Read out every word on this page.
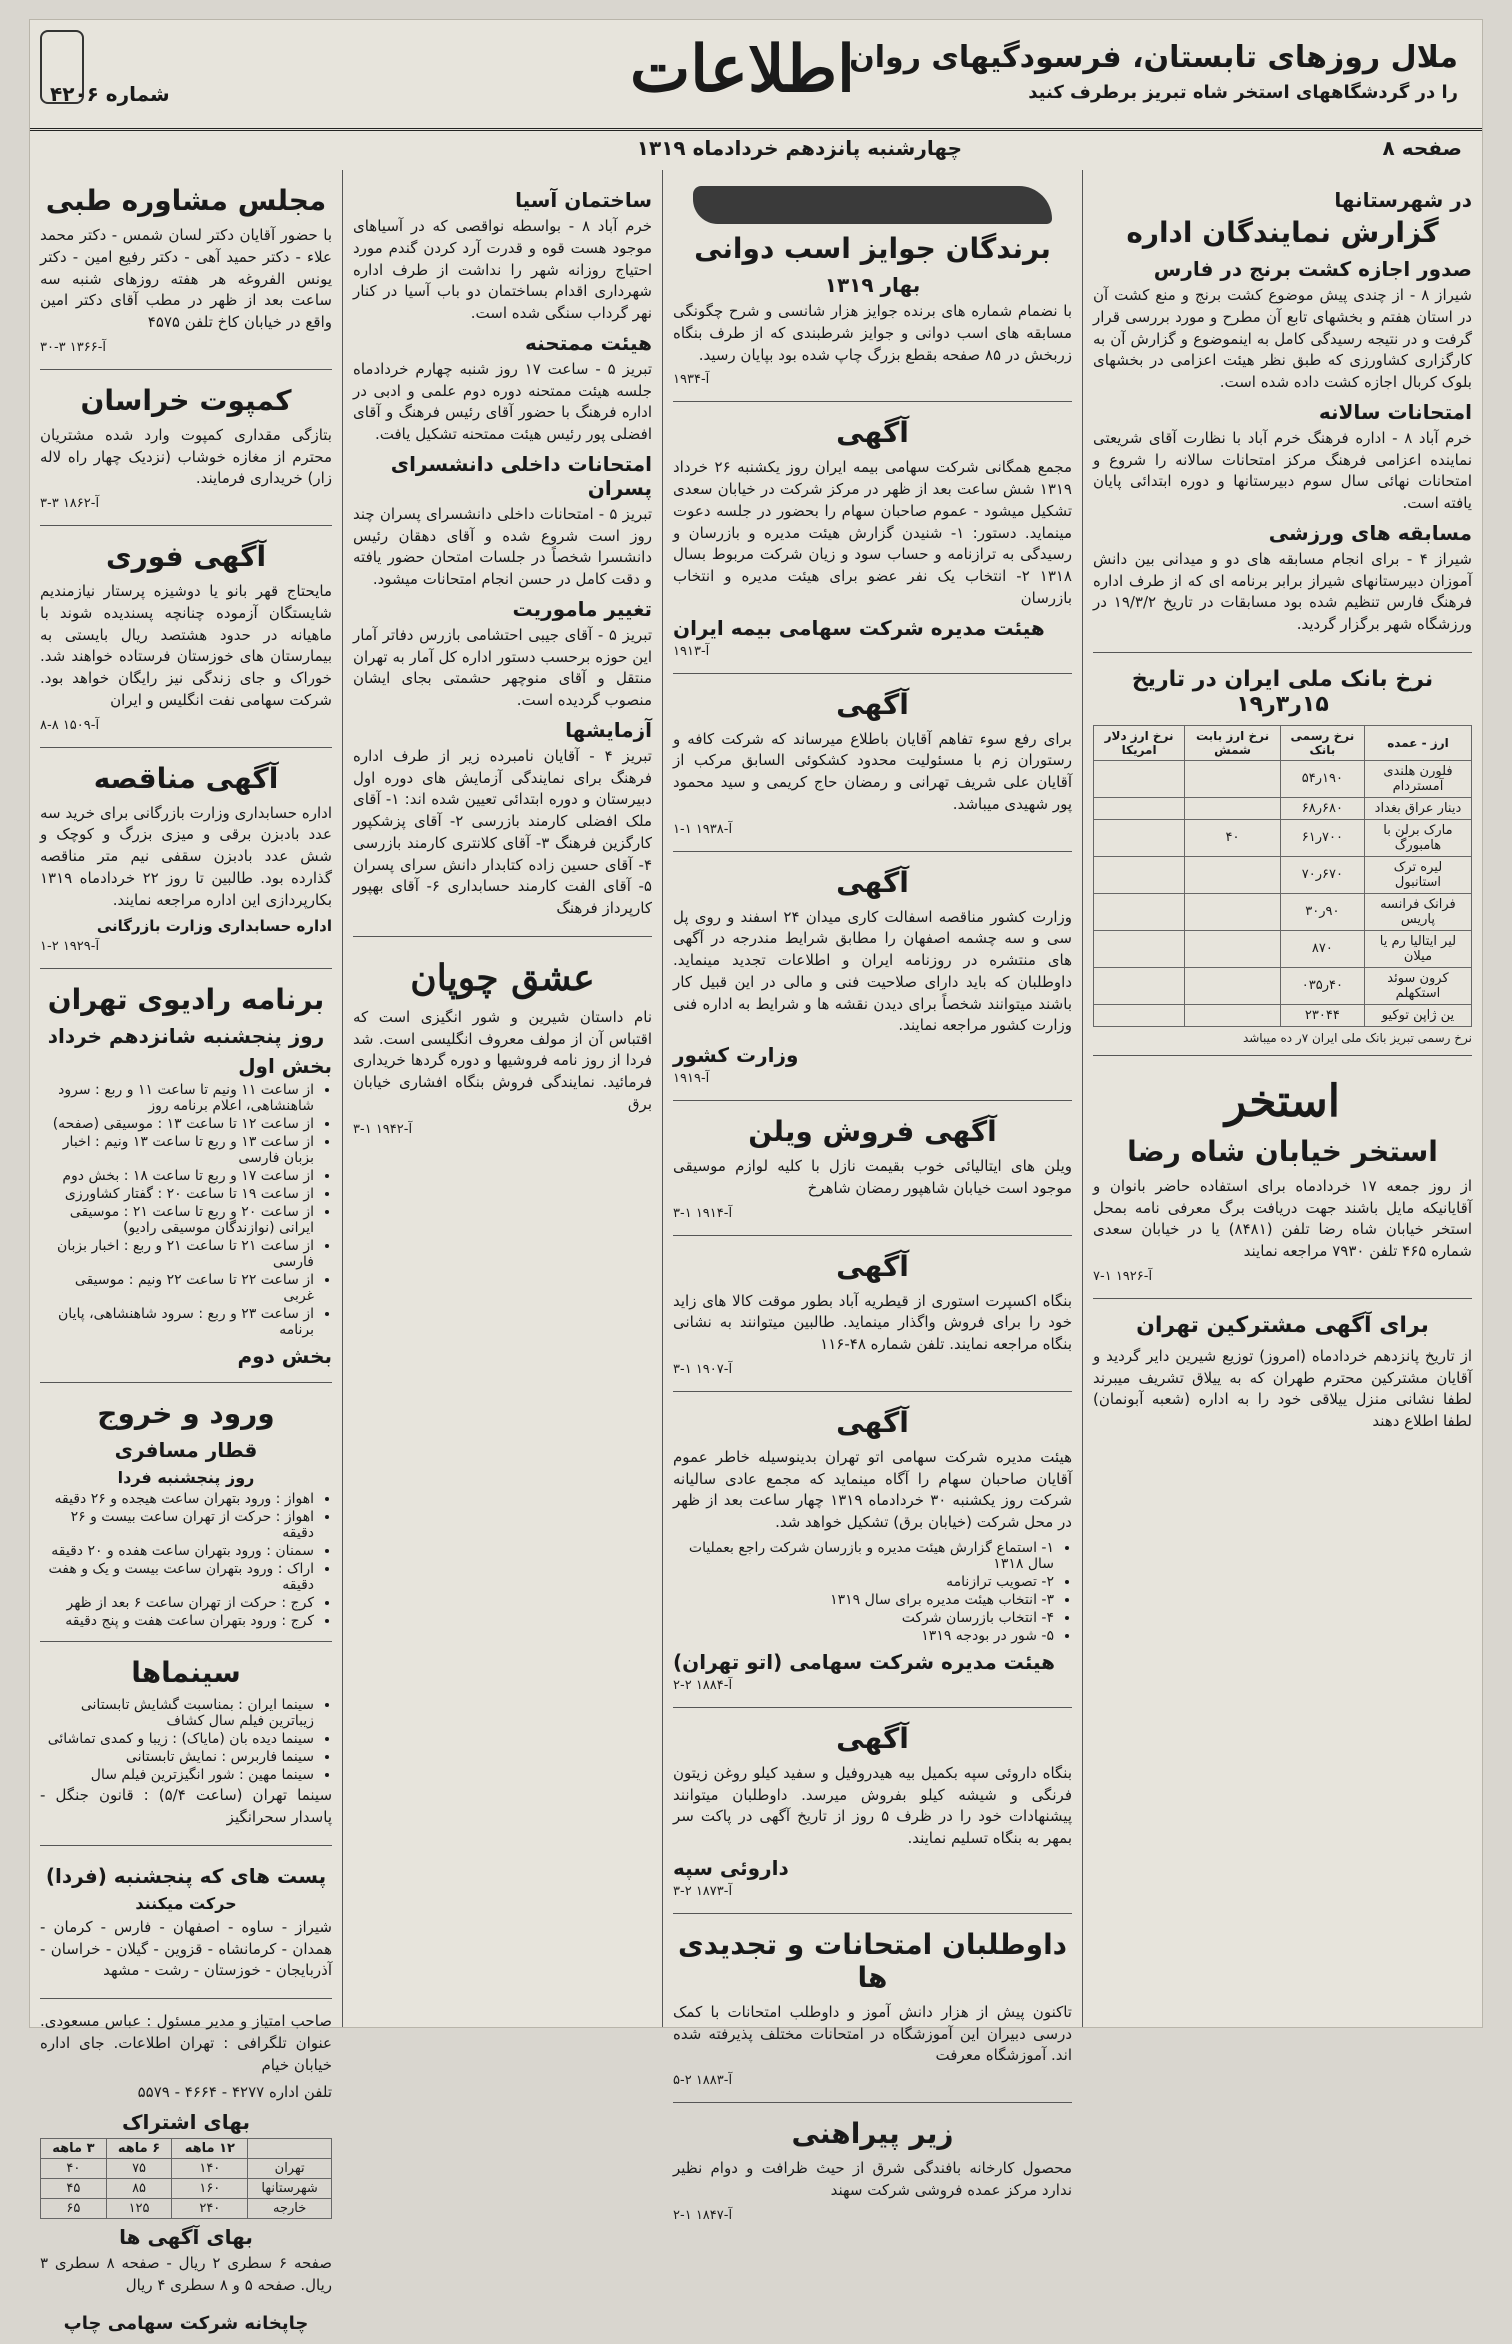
اطلاعات
ملال روزهای تابستان، فرسودگیهای روان
را در گردشگاههای استخر شاه تبریز برطرف کنید
شماره ۴۲۰۶
صفحه ۸
چهارشنبه پانزدهم خردادماه ۱۳۱۹
در شهرستانها
گزارش نمایندگان اداره
صدور اجازه کشت برنج در فارس

شیراز ۸ - از چندی پیش موضوع کشت برنج و منع کشت آن در استان هفتم و بخشهای تابع آن مطرح و مورد بررسی قرار گرفت و در نتیجه رسیدگی کامل به اینموضوع و گزارش آن به کارگزاری کشاورزی که طبق نظر هیئت اعزامی در بخشهای بلوک کربال اجازه کشت داده شده است.

امتحانات سالانه

خرم آباد ۸ - اداره فرهنگ خرم آباد با نظارت آقای شریعتی نماینده اعزامی فرهنگ مرکز امتحانات سالانه را شروع و امتحانات نهائی سال سوم دبیرستانها و دوره ابتدائی پایان یافته است.

مسابقه های ورزشی

شیراز ۴ - برای انجام مسابقه های دو و میدانی بین دانش آموزان دبیرستانهای شیراز برابر برنامه ای که از طرف اداره فرهنگ فارس تنظیم شده بود مسابقات در تاریخ ۱۹/۳/۲ در ورزشگاه شهر برگزار گردید.

نرخ بانک ملی ایران در تاریخ ۱۵ر۳ر۱۹
ارز - عمده	نرخ رسمی بانک	نرخ ارز بابت شمش	نرخ ارز دلار امریکا
فلورن هلندی آمستردام	۱۹۰ر۵۴		
دینار عراق بغداد	۶۸۰ر۶۸		
مارک برلن با هامبورگ	۷۰۰ر۶۱	۴۰	
لیره ترک استانبول	۶۷۰ر۷۰		
فرانک فرانسه پاریس	۹۰ر۳۰		
لیر ایتالیا رم یا میلان	۸۷۰		
کرون سوئد استکهلم	۴۰ر۰۳۵		
ین ژاپن توکیو	۲۳۰۴۴		
نرخ رسمی تبریز بانک ملی ایران ۷ر ده میباشد
استخر
استخر خیابان شاه رضا

از روز جمعه ۱۷ خردادماه برای استفاده حاضر بانوان و آقایانیکه مایل باشند جهت دریافت برگ معرفی نامه بمحل استخر خیابان شاه رضا تلفن (۸۴۸۱) یا در خیابان سعدی شماره ۴۶۵ تلفن ۷۹۳۰ مراجعه نمایند

آ-۱۹۲۶ ۱-۷
برای آگهی مشترکین تهران

از تاریخ پانزدهم خردادماه (امروز) توزیع شیرین دایر گردید و آقایان مشترکین محترم طهران که به ییلاق تشریف میبرند لطفا نشانی منزل ییلاقی خود را به اداره (شعبه آبونمان) لطفا اطلاع دهند

برندگان جوایز اسب دوانی
بهار ۱۳۱۹

با نضمام شماره های برنده جوایز هزار شانسی و شرح چگونگی مسابقه های اسب دوانی و جوایز شرطبندی که از طرف بنگاه زربخش در ۸۵ صفحه بقطع بزرگ چاپ شده بود بپایان رسید.

آ-۱۹۳۴
آگهی

مجمع همگانی شرکت سهامی بیمه ایران روز یکشنبه ۲۶ خرداد ۱۳۱۹ شش ساعت بعد از ظهر در مرکز شرکت در خیابان سعدی تشکیل میشود - عموم صاحبان سهام را بحضور در جلسه دعوت مینماید. دستور: ۱- شنیدن گزارش هیئت مدیره و بازرسان و رسیدگی به ترازنامه و حساب سود و زیان شرکت مربوط بسال ۱۳۱۸ ۲- انتخاب یک نفر عضو برای هیئت مدیره و انتخاب بازرسان

هیئت مدیره شرکت سهامی بیمه ایران
آ-۱۹۱۳
آگهی

برای رفع سوء تفاهم آقایان باطلاع میرساند که شرکت کافه و رستوران زم با مسئولیت محدود کشکوئی السابق مرکب از آقایان علی شریف تهرانی و رمضان حاج کریمی و سید محمود پور شهیدی میباشد.

آ-۱۹۳۸ ۱-۱
آگهی

وزارت کشور مناقصه اسفالت کاری میدان ۲۴ اسفند و روی پل سی و سه چشمه اصفهان را مطابق شرایط مندرجه در آگهی های منتشره در روزنامه ایران و اطلاعات تجدید مینماید. داوطلبان که باید دارای صلاحیت فنی و مالی در این قبیل کار باشند میتوانند شخصاً برای دیدن نقشه ها و شرایط به اداره فنی وزارت کشور مراجعه نمایند.

وزارت کشور
آ-۱۹۱۹
آگهی فروش ویلن

ویلن های ایتالیائی خوب بقیمت نازل با کلیه لوازم موسیقی موجود است خیابان شاهپور رمضان شاهرخ

آ-۱۹۱۴ ۱-۳
آگهی

بنگاه اکسپرت استوری از قیطریه آباد بطور موقت کالا های زاید خود را برای فروش واگذار مینماید. طالبین میتوانند به نشانی بنگاه مراجعه نمایند. تلفن شماره ۴۸-۱۱۶

آ-۱۹۰۷ ۱-۳
آگهی

هیئت مدیره شرکت سهامی اتو تهران بدینوسیله خاطر عموم آقایان صاحبان سهام را آگاه مینماید که مجمع عادی سالیانه شرکت روز یکشنبه ۳۰ خردادماه ۱۳۱۹ چهار ساعت بعد از ظهر در محل شرکت (خیابان برق) تشکیل خواهد شد.

• ۱- استماع گزارش هیئت مدیره و بازرسان شرکت راجع بعملیات سال ۱۳۱۸
• ۲- تصویب ترازنامه
• ۳- انتخاب هیئت مدیره برای سال ۱۳۱۹
• ۴- انتخاب بازرسان شرکت
• ۵- شور در بودجه ۱۳۱۹
هیئت مدیره شرکت سهامی (اتو تهران)
آ-۱۸۸۴ ۲-۲
آگهی

بنگاه داروئی سپه بکمیل بیه هیدروفیل و سفید کیلو روغن زیتون فرنگی و شیشه کیلو بفروش میرسد. داوطلبان میتوانند پیشنهادات خود را در ظرف ۵ روز از تاریخ آگهی در پاکت سر بمهر به بنگاه تسلیم نمایند.

داروئی سپه
آ-۱۸۷۳ ۲-۳
داوطلبان امتحانات و تجدیدی ها

تاکنون پیش از هزار دانش آموز و داوطلب امتحانات با کمک درسی دبیران این آموزشگاه در امتحانات مختلف پذیرفته شده اند. آموزشگاه معرفت

آ-۱۸۸۳ ۲-۵
زیر پیراهنی

محصول کارخانه بافندگی شرق از حیث ظرافت و دوام نظیر ندارد مرکز عمده فروشی شرکت سهند

آ-۱۸۴۷ ۱-۲
ساختمان آسیا

خرم آباد ۸ - بواسطه نواقصی که در آسیاهای موجود هست قوه و قدرت آرد کردن گندم مورد احتیاج روزانه شهر را نداشت از طرف اداره شهرداری اقدام بساختمان دو باب آسیا در کنار نهر گرداب سنگی شده است.

هیئت ممتحنه

تبریز ۵ - ساعت ۱۷ روز شنبه چهارم خردادماه جلسه هیئت ممتحنه دوره دوم علمی و ادبی در اداره فرهنگ با حضور آقای رئیس فرهنگ و آقای افضلی پور رئیس هیئت ممتحنه تشکیل یافت.

امتحانات داخلی دانشسرای پسران

تبریز ۵ - امتحانات داخلی دانشسرای پسران چند روز است شروع شده و آقای دهقان رئیس دانشسرا شخصاً در جلسات امتحان حضور یافته و دقت کامل در حسن انجام امتحانات میشود.

تغییر ماموریت

تبریز ۵ - آقای جیبی احتشامی بازرس دفاتر آمار این حوزه برحسب دستور اداره کل آمار به تهران منتقل و آقای منوچهر حشمتی بجای ایشان منصوب گردیده است.

آزمایشها

تبریز ۴ - آقایان نامبرده زیر از طرف اداره فرهنگ برای نمایندگی آزمایش های دوره اول دبیرستان و دوره ابتدائی تعیین شده اند: ۱- آقای ملک افضلی کارمند بازرسی ۲- آقای پزشکپور کارگزین فرهنگ ۳- آقای کلانتری کارمند بازرسی ۴- آقای حسین زاده کتابدار دانش سرای پسران ۵- آقای الفت کارمند حسابداری ۶- آقای بهپور کارپرداز فرهنگ

عشق چوپان

نام داستان شیرین و شور انگیزی است که اقتباس آن از مولف معروف انگلیسی است. شد فردا از روز نامه فروشیها و دوره گردها خریداری فرمائید. نمایندگی فروش بنگاه افشاری خیابان برق

آ-۱۹۴۲ ۱-۳
مجلس مشاوره طبی

با حضور آقایان دکتر لسان شمس - دکتر محمد علاء - دکتر حمید آهی - دکتر رفیع امین - دکتر یونس الفروغه هر هفته روزهای شنبه سه ساعت بعد از ظهر در مطب آقای دکتر امین واقع در خیابان کاخ تلفن ۴۵۷۵

آ-۱۳۶۶ ۳-۳۰
کمپوت خراسان

بتازگی مقداری کمپوت وارد شده مشتریان محترم از مغازه خوشاب (نزدیک چهار راه لاله زار) خریداری فرمایند.

آ-۱۸۶۲ ۳-۳
آگهی فوری

مایحتاج قهر بانو یا دوشیزه پرستار نیازمندیم شایستگان آزموده چنانچه پسندیده شوند با ماهیانه در حدود هشتصد ریال بایستی به بیمارستان های خوزستان فرستاده خواهند شد. خوراک و جای زندگی نیز رایگان خواهد بود. شرکت سهامی نفت انگلیس و ایران

آ-۱۵۰۹ ۸-۸
آگهی مناقصه

اداره حسابداری وزارت بازرگانی برای خرید سه عدد بادبزن برقی و میزی بزرگ و کوچک و شش عدد بادبزن سقفی نیم متر مناقصه گذارده بود. طالبین تا روز ۲۲ خردادماه ۱۳۱۹ بکارپردازی این اداره مراجعه نمایند.

اداره حسابداری وزارت بازرگانی
آ-۱۹۲۹ ۲-۱
برنامه رادیوی تهران
روز پنجشنبه شانزدهم خرداد
بخش اول
• از ساعت ۱۱ ونیم تا ساعت ۱۱ و ربع : سرود شاهنشاهی، اعلام برنامه روز
• از ساعت ۱۲ تا ساعت ۱۳ : موسیقی (صفحه)
• از ساعت ۱۳ و ربع تا ساعت ۱۳ ونیم : اخبار بزبان فارسی
• از ساعت ۱۷ و ربع تا ساعت ۱۸ : بخش دوم
• از ساعت ۱۹ تا ساعت ۲۰ : گفتار کشاورزی
• از ساعت ۲۰ و ربع تا ساعت ۲۱ : موسیقی ایرانی (نوازندگان موسیقی رادیو)
• از ساعت ۲۱ تا ساعت ۲۱ و ربع : اخبار بزبان فارسی
• از ساعت ۲۲ تا ساعت ۲۲ ونیم : موسیقی غربی
• از ساعت ۲۳ و ربع : سرود شاهنشاهی، پایان برنامه
بخش دوم
ورود و خروج
قطار مسافری
روز پنجشنبه فردا
• اهواز : ورود بتهران ساعت هیجده و ۲۶ دقیقه
• اهواز : حرکت از تهران ساعت بیست و ۲۶ دقیقه
• سمنان : ورود بتهران ساعت هفده و ۲۰ دقیقه
• اراک : ورود بتهران ساعت بیست و یک و هفت دقیقه
• کرج : حرکت از تهران ساعت ۶ بعد از ظهر
• کرج : ورود بتهران ساعت هفت و پنج دقیقه
سینماها
• سینما ایران : بمناسبت گشایش تابستانی زیباترین فیلم سال کشاف
• سینما دیده بان (مایاک) : زیبا و کمدی تماشائی
• سینما فاربرس : نمایش تابستانی
• سینما مهین : شور انگیزترین فیلم سال

سینما تهران (ساعت ۵/۴) : قانون جنگل - پاسدار سحرانگیز

پست های که پنجشنبه (فردا)
حرکت میکنند

شیراز - ساوه - اصفهان - فارس - کرمان - همدان - کرمانشاه - قزوین - گیلان - خراسان - آذربایجان - خوزستان - رشت - مشهد

صاحب امتیاز و مدیر مسئول : عباس مسعودی. عنوان تلگرافی : تهران اطلاعات. جای اداره خیابان خیام

تلفن اداره ۴۲۷۷ - ۴۶۶۴ - ۵۵۷۹

بهای اشتراک
	۱۲ ماهه	۶ ماهه	۳ ماهه
تهران	۱۴۰	۷۵	۴۰
شهرستانها	۱۶۰	۸۵	۴۵
خارجه	۲۴۰	۱۲۵	۶۵
بهای آگهی ها

صفحه ۶ سطری ۲ ریال - صفحه ۸ سطری ۳ ریال. صفحه ۵ و ۸ سطری ۴ ریال

چاپخانه شرکت سهامی چاپ
